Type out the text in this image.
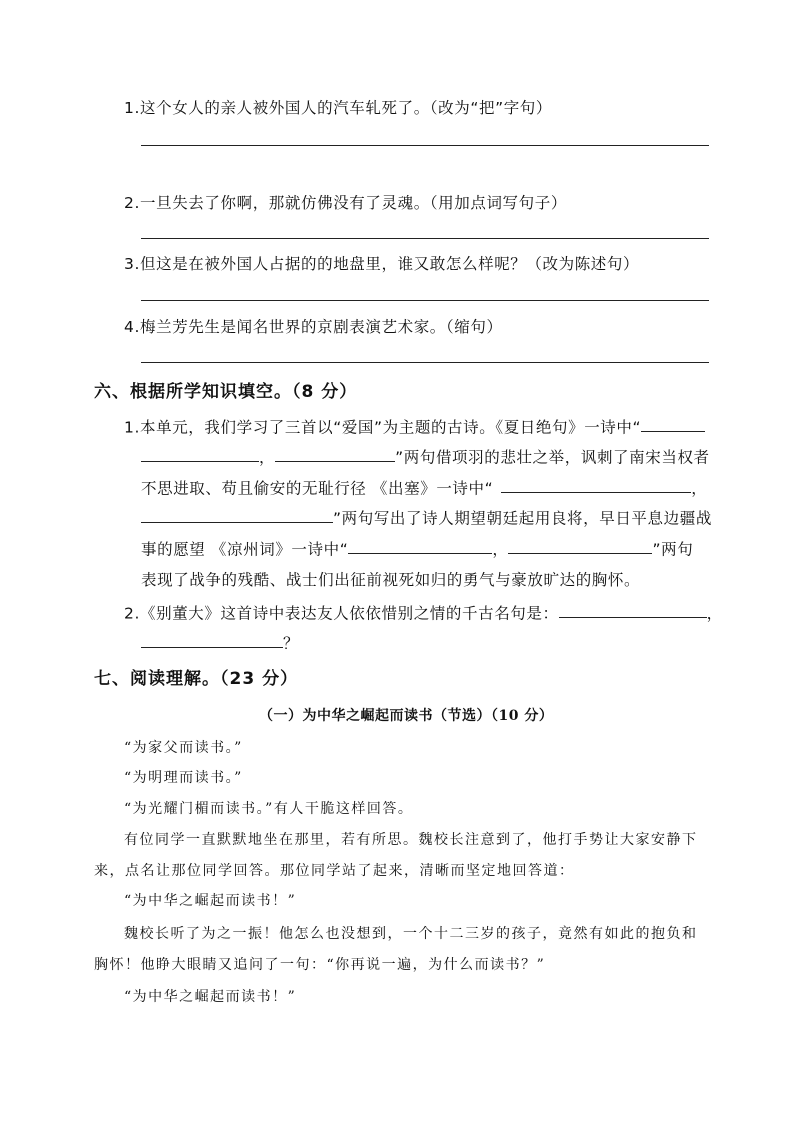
1.这个女人的亲人被外国人的汽车轧死了。（改为“把”字句）
2.一旦失去了你啊，那就仿佛没有了灵魂。（用加点词写句子）
3.但这是在被外国人占据的的地盘里，谁又敢怎么样呢？（改为陈述句）
4.梅兰芳先生是闻名世界的京剧表演艺术家。（缩句）
六、根据所学知识填空。（8 分）
1.本单元，我们学习了三首以“爱国”为主题的古诗。《夏日绝句》一诗中“
，	”两句借项羽的悲壮之举，讽刺了南宋当权者
不思进取、苟且偷安的无耻行径 《出塞》一诗中“	，
”两句写出了诗人期望朝廷起用良将，早日平息边疆战
事的愿望 《凉州词》一诗中“	，	”两句
表现了战争的残酷、战士们出征前视死如归的勇气与豪放旷达的胸怀。
2.《别董大》这首诗中表达友人依依惜别之情的千古名句是：	，
？
七、阅读理解。（23 分）
（一）为中华之崛起而读书（节选）（10 分）
“为家父而读书。”
“为明理而读书。”
“为光耀门楣而读书。”有人干脆这样回答。
有位同学一直默默地坐在那里，若有所思。魏校长注意到了，他打手势让大家安静下
来，点名让那位同学回答。那位同学站了起来，清晰而坚定地回答道：
“为中华之崛起而读书！”
魏校长听了为之一振！他怎么也没想到，一个十二三岁的孩子，竟然有如此的抱负和
胸怀！他睁大眼睛又追问了一句：“你再说一遍，为什么而读书？”
“为中华之崛起而读书！”
